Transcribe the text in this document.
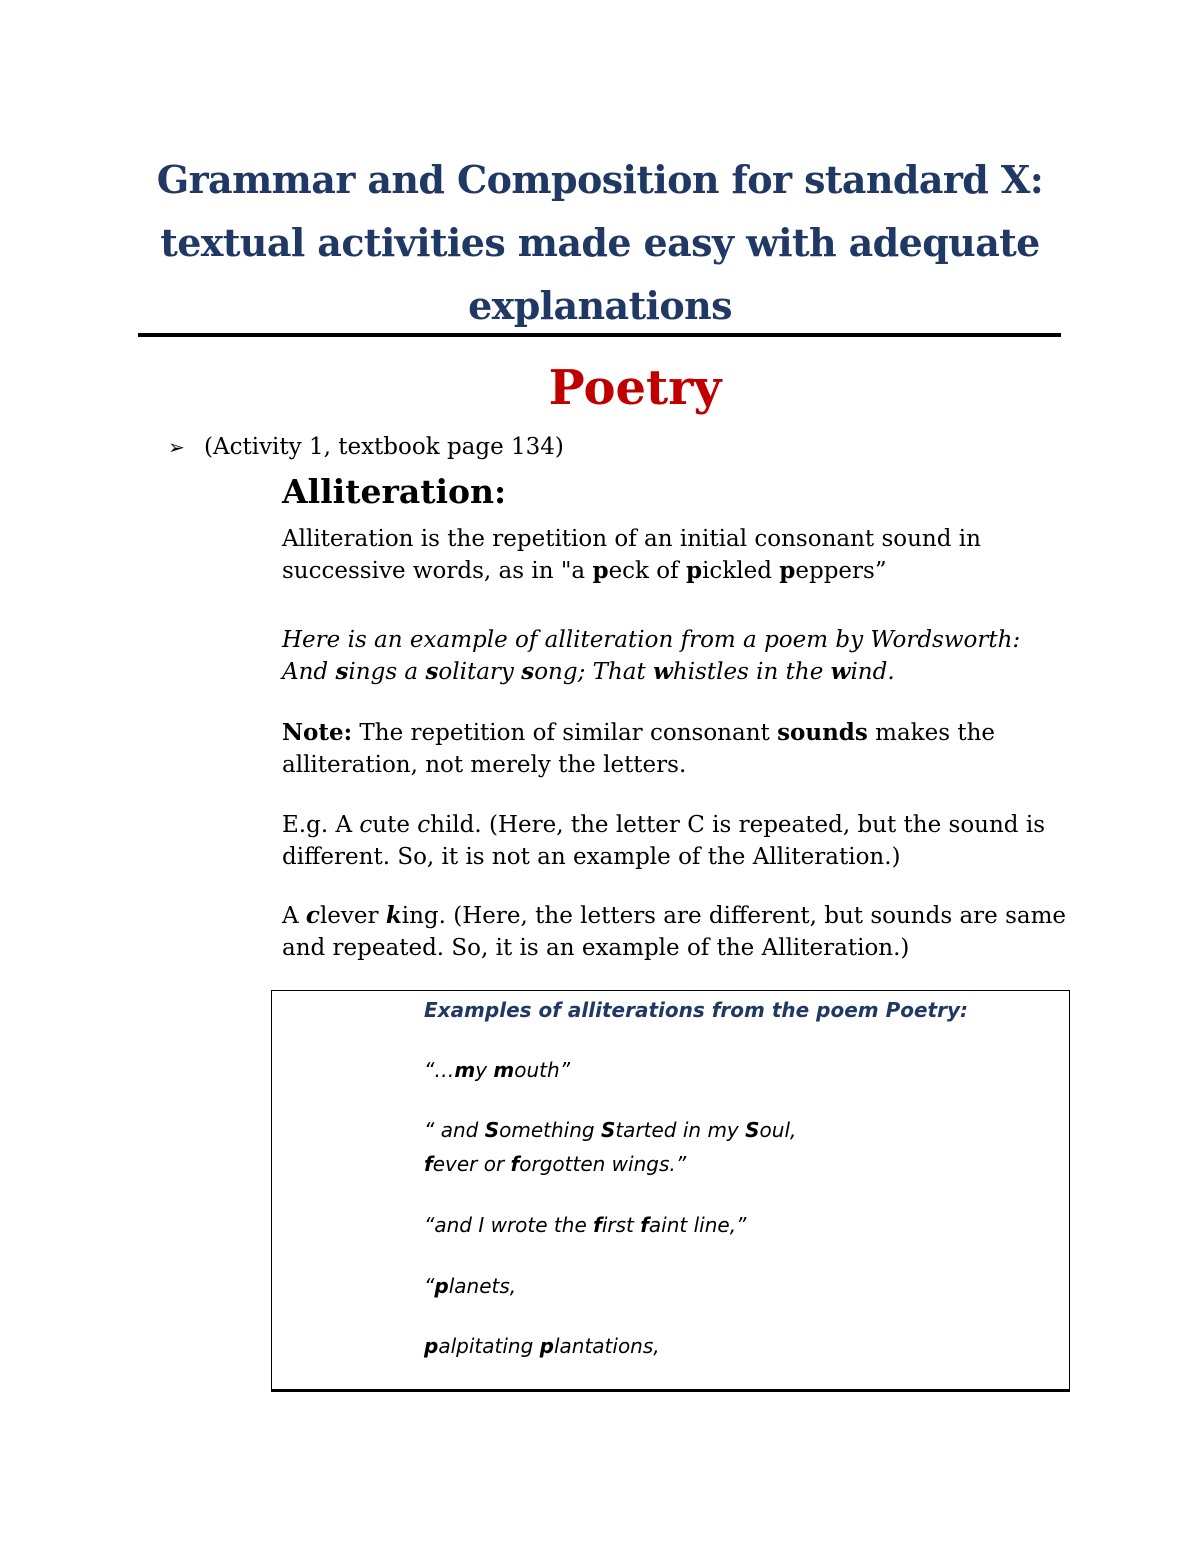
Grammar and Composition for standard X:
textual activities made easy with adequate
explanations
Poetry
➢ (Activity 1, textbook page 134)
Alliteration:
Alliteration is the repetition of an initial consonant sound in successive words, as in "a peck of pickled peppers”
Here is an example of alliteration from a poem by Wordsworth:
And sings a solitary song; That whistles in the wind.
Note: The repetition of similar consonant sounds makes the alliteration, not merely the letters.
E.g. A cute child. (Here, the letter C is repeated, but the sound is different. So, it is not an example of the Alliteration.)
A clever king. (Here, the letters are different, but sounds are same and repeated. So, it is an example of the Alliteration.)
Examples of alliterations from the poem Poetry:
“…my mouth”
“ and Something Started in my Soul,
fever or forgotten wings.”
“and I wrote the first faint line,”
“planets,
palpitating plantations,
